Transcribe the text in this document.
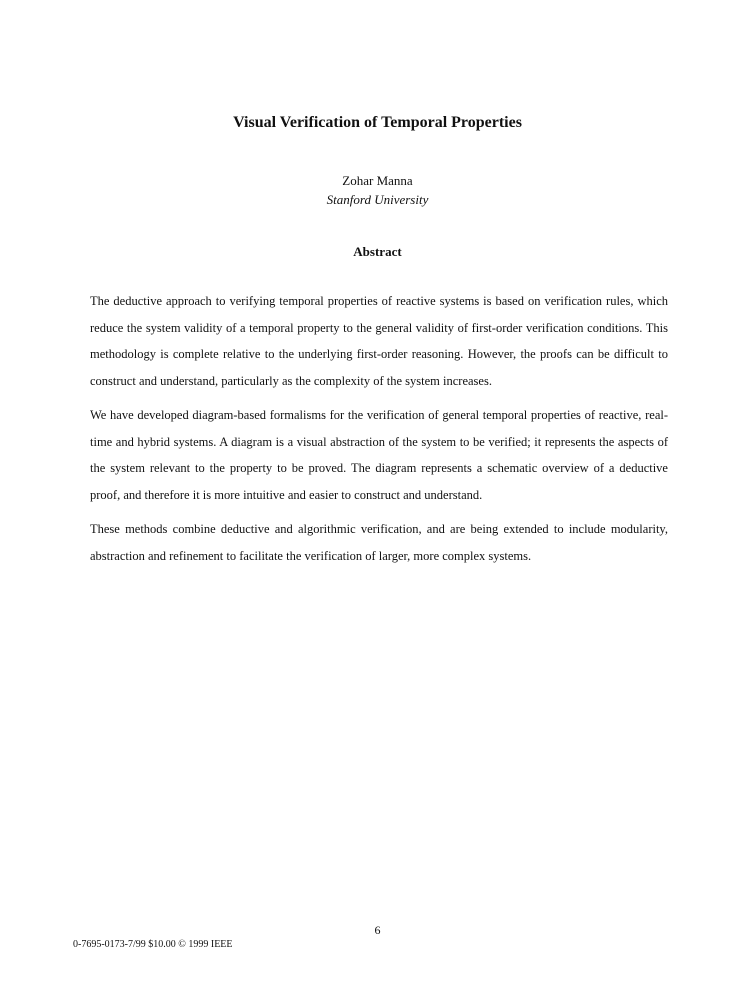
Visual Verification of Temporal Properties
Zohar Manna
Stanford University
Abstract

The deductive approach to verifying temporal properties of reactive systems is based on verification rules, which reduce the system validity of a temporal property to the general validity of first-order verification conditions. This methodology is complete relative to the underlying first-order reasoning. However, the proofs can be difficult to construct and understand, particularly as the complexity of the system increases.

We have developed diagram-based formalisms for the verification of general temporal properties of reactive, real-time and hybrid systems. A diagram is a visual abstraction of the system to be verified; it represents the aspects of the system relevant to the property to be proved. The diagram represents a schematic overview of a deductive proof, and therefore it is more intuitive and easier to construct and understand.

These methods combine deductive and algorithmic verification, and are being extended to include modularity, abstraction and refinement to facilitate the verification of larger, more complex systems.

6
0-7695-0173-7/99 $10.00 © 1999 IEEE
